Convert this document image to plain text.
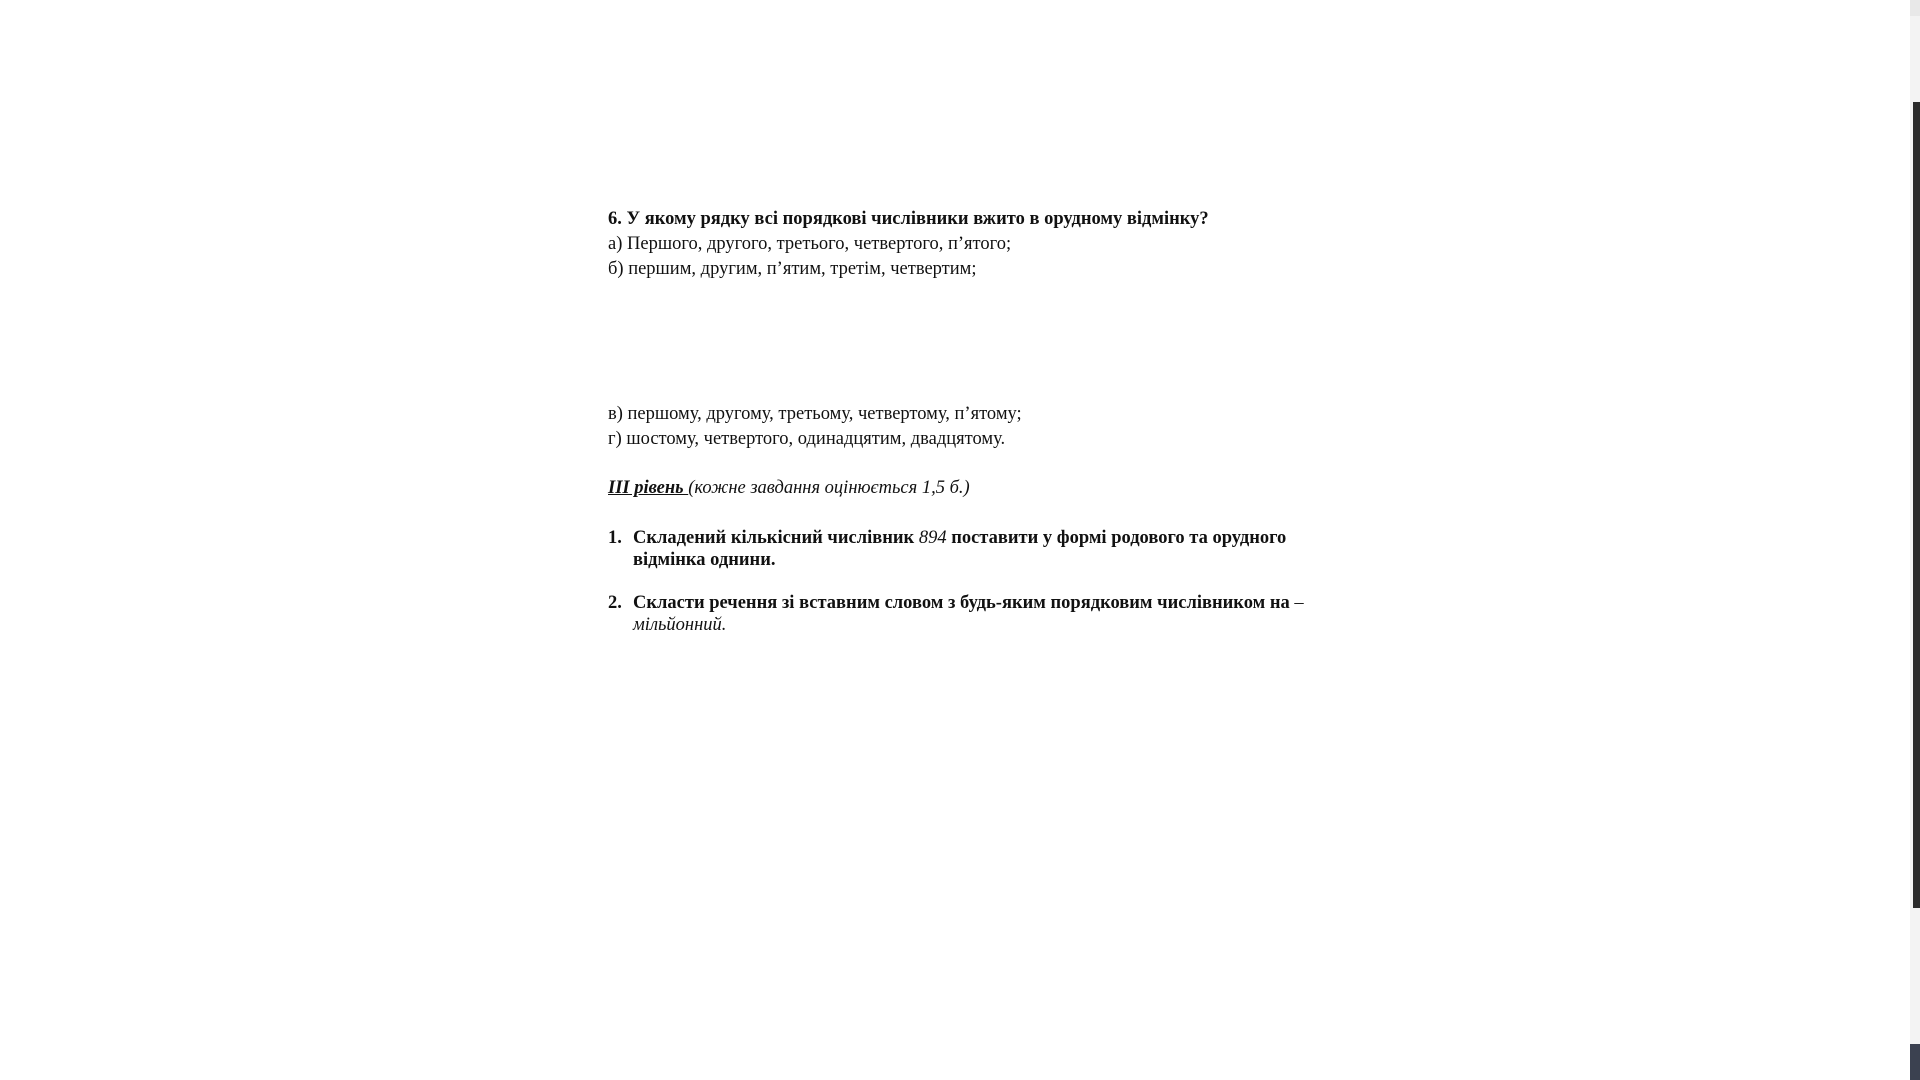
6. У якому рядку всі порядкові числівники вжито в орудному відмінку?
а) Першого, другого, третього, четвертого, п’ятого;
б) першим, другим, п’ятим, третім, четвертим;
в) першому, другому, третьому, четвертому, п’ятому;
г) шостому, четвертого, одинадцятим, двадцятому.
ІІІ рівень (кожне завдання оцінюється 1,5 б.)
1. Складений кількісний числівник 894 поставити у формі родового та орудного відмінка однини.
2. Скласти речення зі вставним словом з будь-яким порядковим числівником на –мільйонний.
